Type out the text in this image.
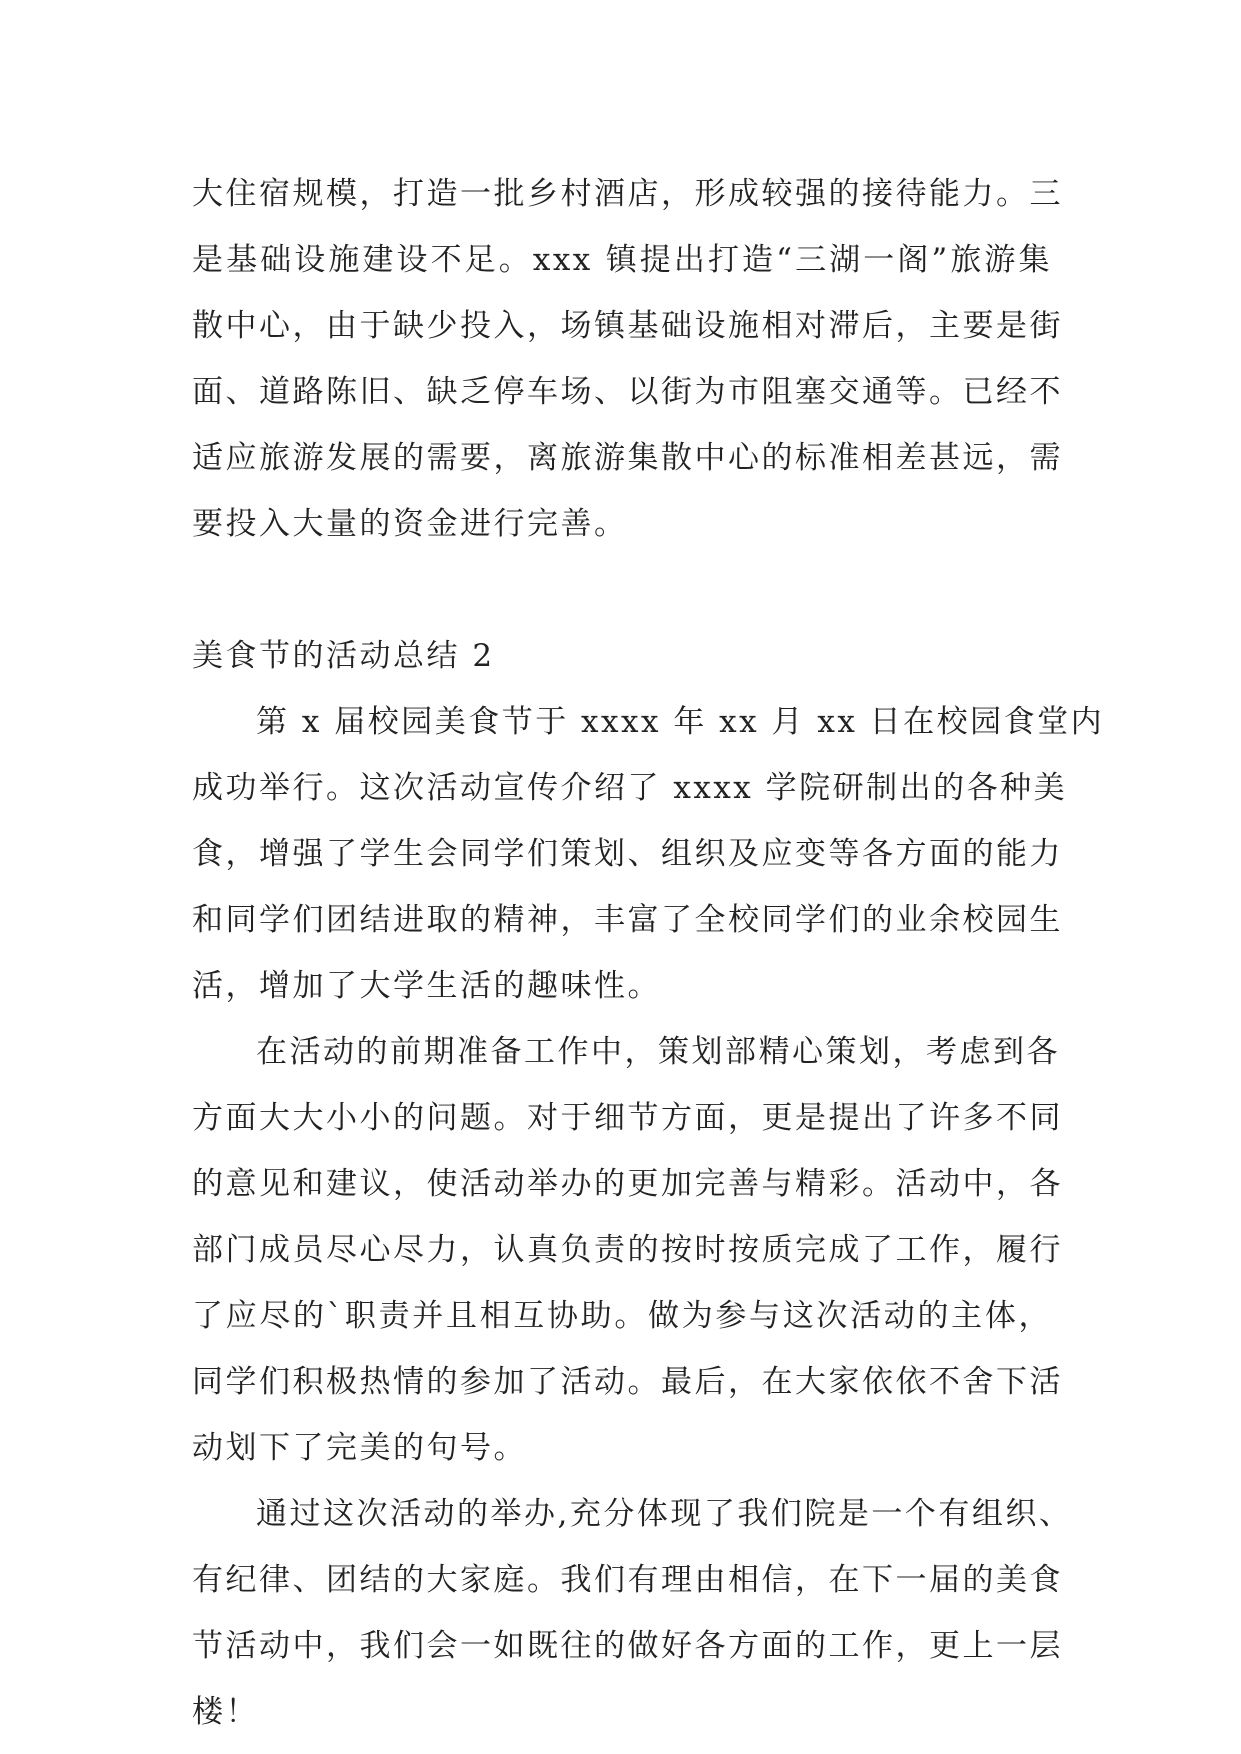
大住宿规模，打造一批乡村酒店，形成较强的接待能力。三
是基础设施建设不足。xxx 镇提出打造“三湖一阁”旅游集
散中心，由于缺少投入，场镇基础设施相对滞后，主要是街
面、道路陈旧、缺乏停车场、以街为市阻塞交通等。已经不
适应旅游发展的需要，离旅游集散中心的标准相差甚远，需
要投入大量的资金进行完善。
美食节的活动总结 2
第 x 届校园美食节于 xxxx 年 xx 月 xx 日在校园食堂内
成功举行。这次活动宣传介绍了 xxxx 学院研制出的各种美
食，增强了学生会同学们策划、组织及应变等各方面的能力
和同学们团结进取的精神，丰富了全校同学们的业余校园生
活，增加了大学生活的趣味性。
在活动的前期准备工作中，策划部精心策划，考虑到各
方面大大小小的问题。对于细节方面，更是提出了许多不同
的意见和建议，使活动举办的更加完善与精彩。活动中，各
部门成员尽心尽力，认真负责的按时按质完成了工作，履行
了应尽的`职责并且相互协助。做为参与这次活动的主体，
同学们积极热情的参加了活动。最后，在大家依依不舍下活
动划下了完美的句号。
通过这次活动的举办,充分体现了我们院是一个有组织、
有纪律、团结的大家庭。我们有理由相信，在下一届的美食
节活动中，我们会一如既往的做好各方面的工作，更上一层
楼！
